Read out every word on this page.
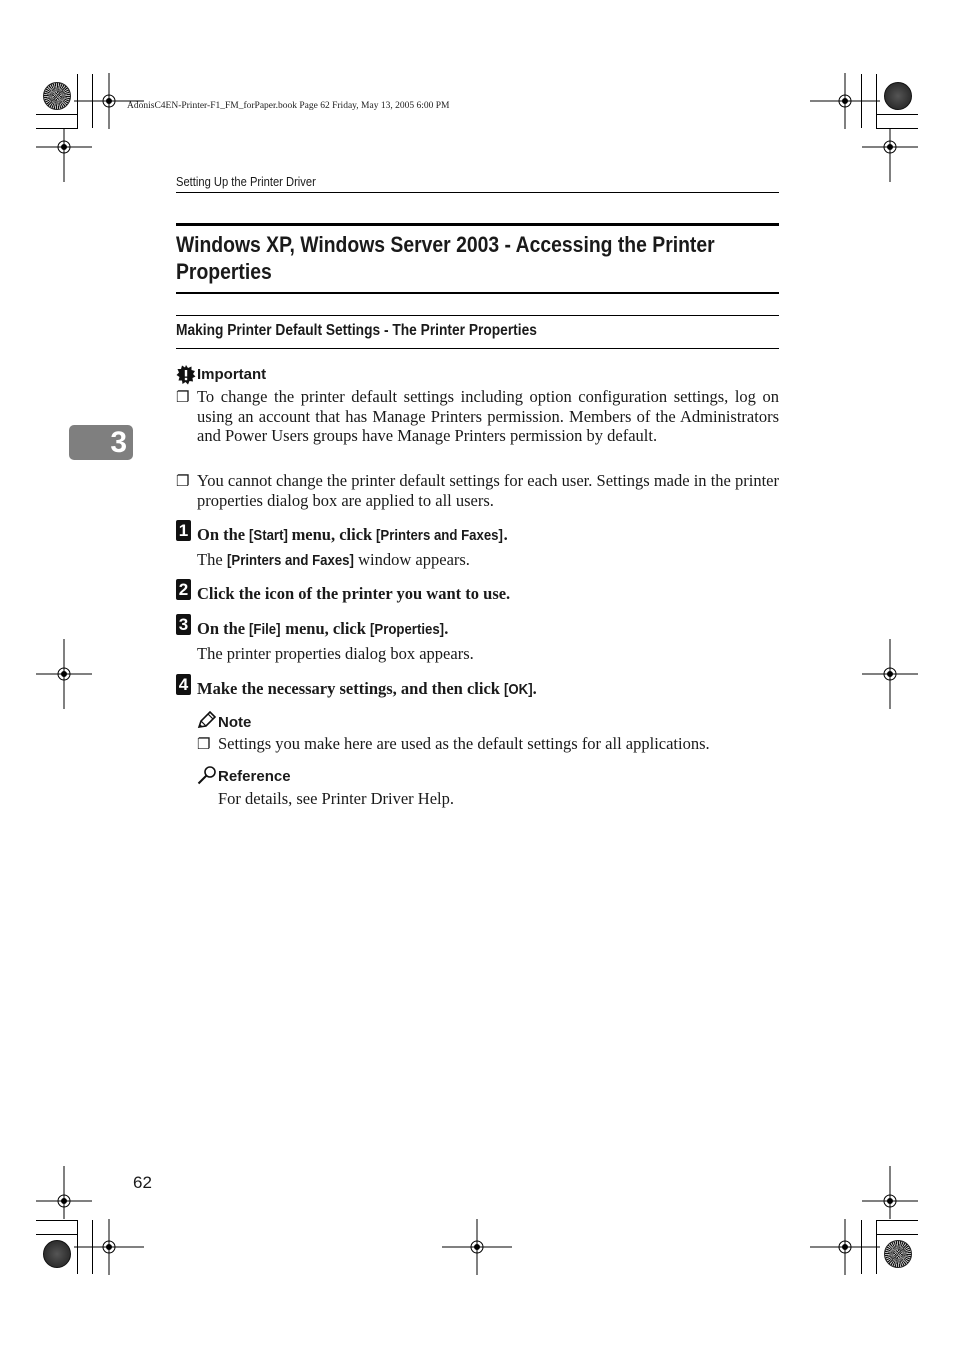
AdonisC4EN-Printer-F1_FM_forPaper.book Page 62 Friday, May 13, 2005 6:00 PM
Setting Up the Printer Driver
3
Windows XP, Windows Server 2003 - Accessing the Printer
Properties
Making Printer Default Settings - The Printer Properties
Important
❐ To change the printer default settings including option configuration settings, log on using an account that has Manage Printers permission. Members of the Administrators and Power Users groups have Manage Printers permission by default.
❐ You cannot change the printer default settings for each user. Settings made in the printer properties dialog box are applied to all users.
1 On the [Start] menu, click [Printers and Faxes].
The [Printers and Faxes] window appears.
2 Click the icon of the printer you want to use.
3 On the [File] menu, click [Properties].
The printer properties dialog box appears.
4 Make the necessary settings, and then click [OK].
Note
❐ Settings you make here are used as the default settings for all applications.
Reference
For details, see Printer Driver Help.
62
